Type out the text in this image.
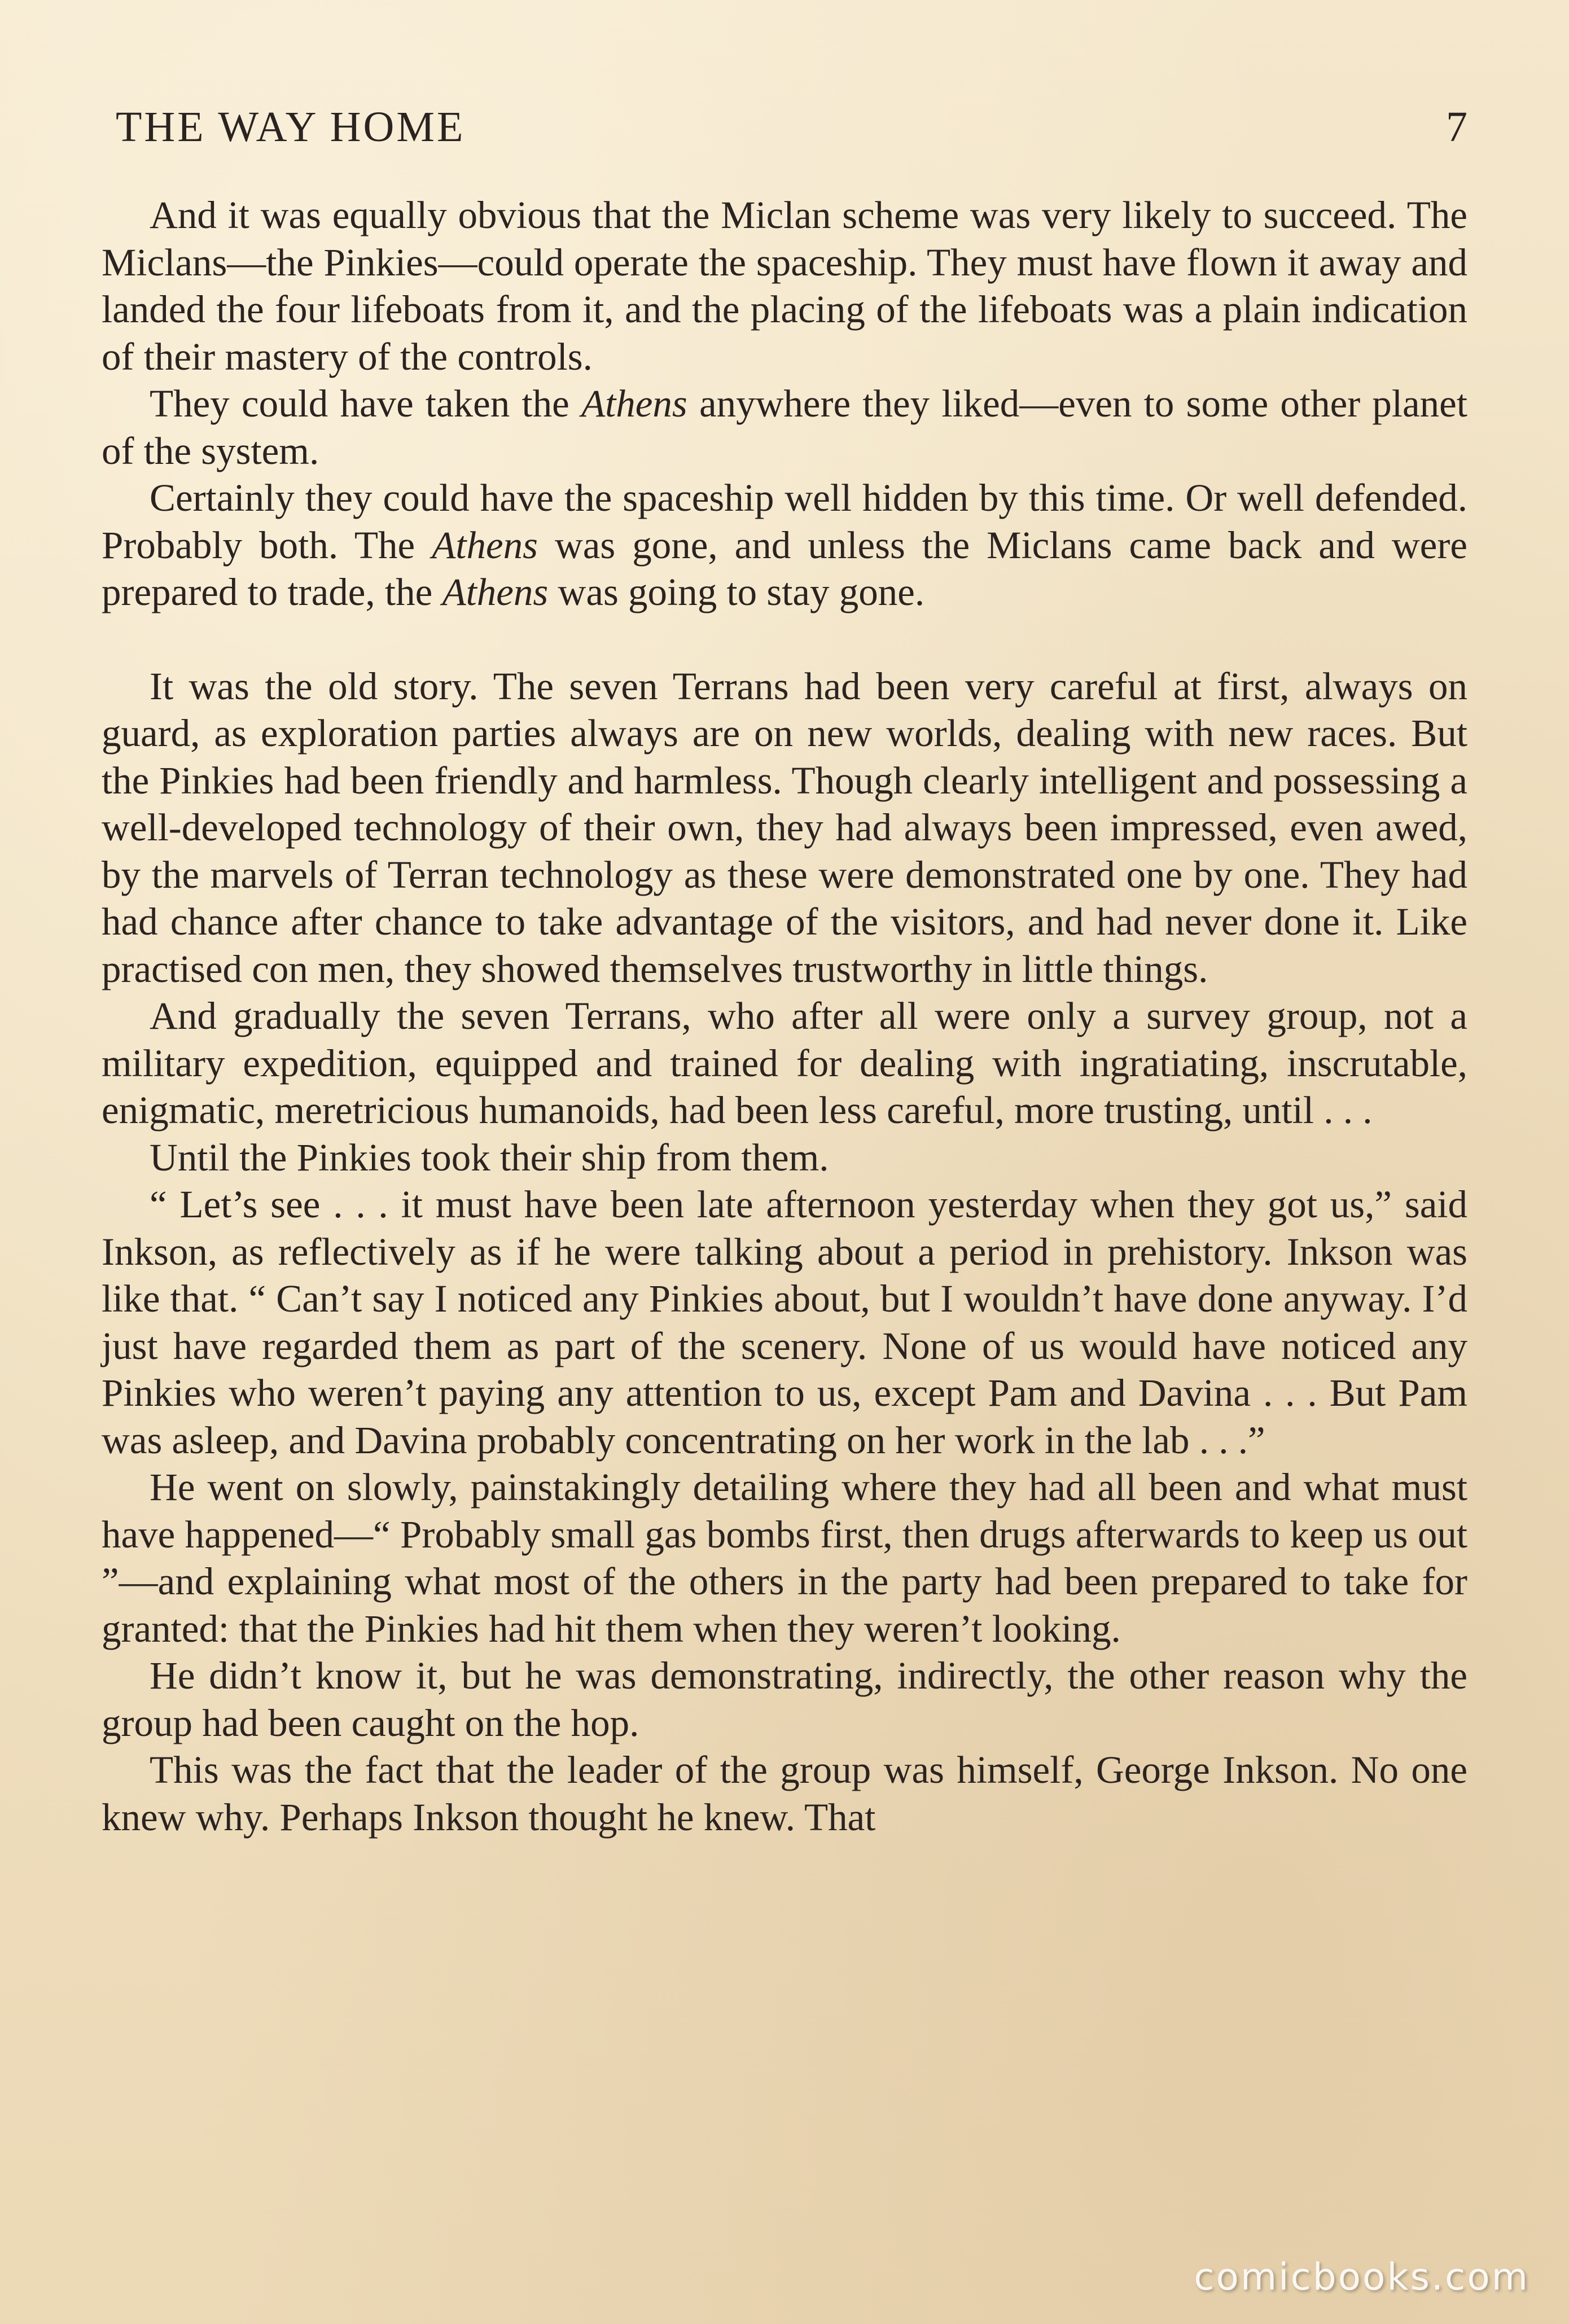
THE WAY HOME	7

And it was equally obvious that the Miclan scheme was very likely to succeed. The Miclans—the Pinkies—could operate the spaceship. They must have flown it away and landed the four lifeboats from it, and the placing of the lifeboats was a plain indication of their mastery of the controls.

They could have taken the Athens anywhere they liked—even to some other planet of the system.

Certainly they could have the spaceship well hidden by this time. Or well defended. Probably both. The Athens was gone, and unless the Miclans came back and were prepared to trade, the Athens was going to stay gone.

It was the old story. The seven Terrans had been very careful at first, always on guard, as exploration parties always are on new worlds, dealing with new races. But the Pinkies had been friendly and harmless. Though clearly intelligent and possessing a well-developed technology of their own, they had always been impressed, even awed, by the marvels of Terran technology as these were demonstrated one by one. They had had chance after chance to take advantage of the visitors, and had never done it. Like practised con men, they showed themselves trustworthy in little things.

And gradually the seven Terrans, who after all were only a survey group, not a military expedition, equipped and trained for dealing with ingratiating, inscrutable, enigmatic, meretricious humanoids, had been less careful, more trusting, until . . .

Until the Pinkies took their ship from them.

“ Let’s see . . . it must have been late afternoon yesterday when they got us,” said Inkson, as reflectively as if he were talking about a period in prehistory. Inkson was like that. “ Can’t say I noticed any Pinkies about, but I wouldn’t have done anyway. I’d just have regarded them as part of the scenery. None of us would have noticed any Pinkies who weren’t paying any attention to us, except Pam and Davina . . . But Pam was asleep, and Davina probably concentrating on her work in the lab . . .”

He went on slowly, painstakingly detailing where they had all been and what must have happened—“ Probably small gas bombs first, then drugs afterwards to keep us out ”—and explaining what most of the others in the party had been prepared to take for granted: that the Pinkies had hit them when they weren’t looking.

He didn’t know it, but he was demonstrating, indirectly, the other reason why the group had been caught on the hop.

This was the fact that the leader of the group was himself, George Inkson. No one knew why. Perhaps Inkson thought he knew. That

comicbooks.com
